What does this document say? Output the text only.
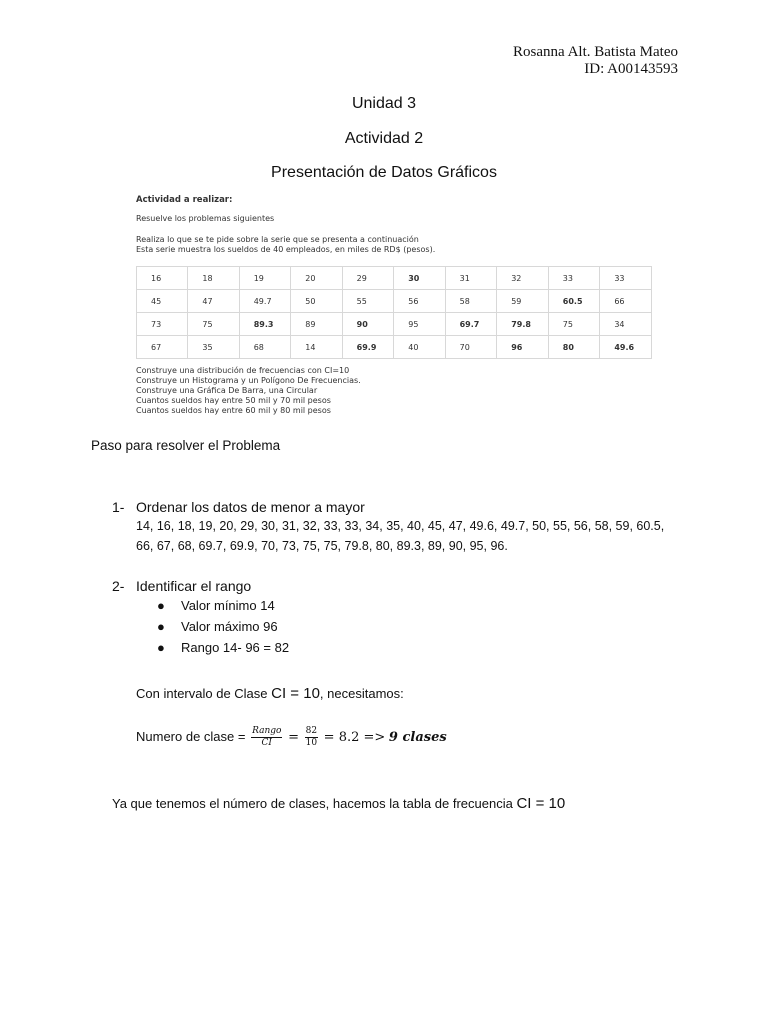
Rosanna Alt. Batista Mateo
ID: A00143593
Unidad 3
Actividad 2
Presentación de Datos Gráficos
Actividad a realizar:
Resuelve los problemas siguientes
Realiza lo que se te pide sobre la serie que se presenta a continuación
Esta serie muestra los sueldos de 40 empleados, en miles de RD$ (pesos).
16	18	19	20	29	30	31	32	33	33
45	47	49.7	50	55	56	58	59	60.5	66
73	75	89.3	89	90	95	69.7	79.8	75	34
67	35	68	14	69.9	40	70	96	80	49.6
Construye una distribución de frecuencias con CI=10
Construye un Histograma y un Polígono De Frecuencias.
Construye una Gráfica De Barra, una Circular
Cuantos sueldos hay entre 50 mil y 70 mil pesos
Cuantos sueldos hay entre 60 mil y 80 mil pesos
Paso para resolver el Problema
1- Ordenar los datos de menor a mayor
14, 16, 18, 19, 20, 29, 30, 31, 32, 33, 33, 34, 35, 40, 45, 47, 49.6, 49.7, 50, 55, 56, 58, 59, 60.5,
66, 67, 68, 69.7, 69.9, 70, 73, 75, 75, 79.8, 80, 89.3, 89, 90, 95, 96.
2- Identificar el rango
● Valor mínimo 14
● Valor máximo 96
● Rango 14- 96 = 82
Con intervalo de Clase CI = 10, necesitamos:
Numero de clase = $\frac{\text{Rango}}{CI} = \frac{82}{10} = 8.2 => 9$ clases
Ya que tenemos el número de clases, hacemos la tabla de frecuencia CI = 10
